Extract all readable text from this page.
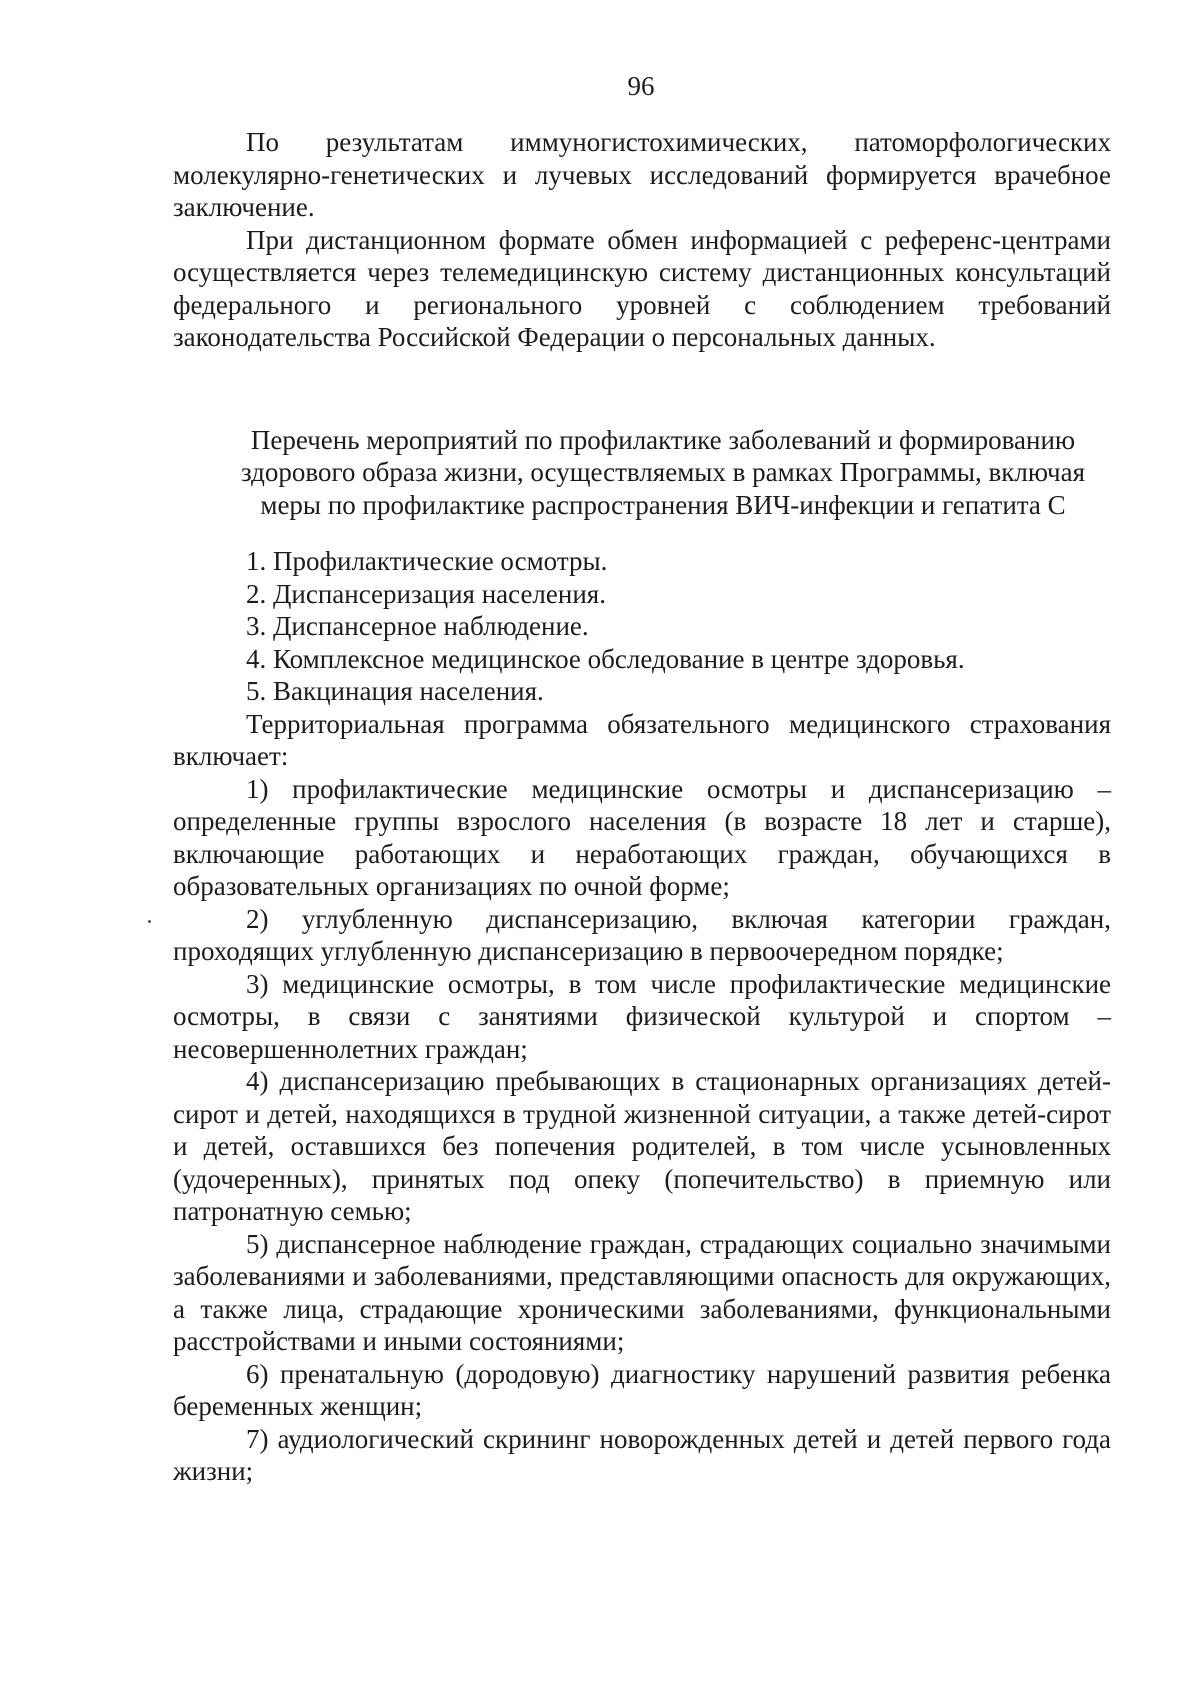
96

По результатам иммуногистохимических, патоморфологических молекулярно-генетических и лучевых исследований формируется врачебное заключение.

При дистанционном формате обмен информацией с референс-центрами осуществляется через телемедицинскую систему дистанционных консультаций федерального и регионального уровней с соблюдением требований законодательства Российской Федерации о персональных данных.

Перечень мероприятий по профилактике заболеваний и формированию здорового образа жизни, осуществляемых в рамках Программы, включая меры по профилактике распространения ВИЧ-инфекции и гепатита С

1. Профилактические осмотры.

2. Диспансеризация населения.

3. Диспансерное наблюдение.

4. Комплексное медицинское обследование в центре здоровья.

5. Вакцинация населения.

Территориальная программа обязательного медицинского страхования включает:

1) профилактические медицинские осмотры и диспансеризацию – определенные группы взрослого населения (в возрасте 18 лет и старше), включающие работающих и неработающих граждан, обучающихся в образовательных организациях по очной форме;

2) углубленную диспансеризацию, включая категории граждан, проходящих углубленную диспансеризацию в первоочередном порядке;

3) медицинские осмотры, в том числе профилактические медицинские осмотры, в связи с занятиями физической культурой и спортом – несовершеннолетних граждан;

4) диспансеризацию пребывающих в стационарных организациях детей-сирот и детей, находящихся в трудной жизненной ситуации, а также детей-сирот и детей, оставшихся без попечения родителей, в том числе усыновленных (удочеренных), принятых под опеку (попечительство) в приемную или патронатную семью;

5) диспансерное наблюдение граждан, страдающих социально значимыми заболеваниями и заболеваниями, представляющими опасность для окружающих, а также лица, страдающие хроническими заболеваниями, функциональными расстройствами и иными состояниями;

6) пренатальную (дородовую) диагностику нарушений развития ребенка беременных женщин;

7) аудиологический скрининг новорожденных детей и детей первого года жизни;
